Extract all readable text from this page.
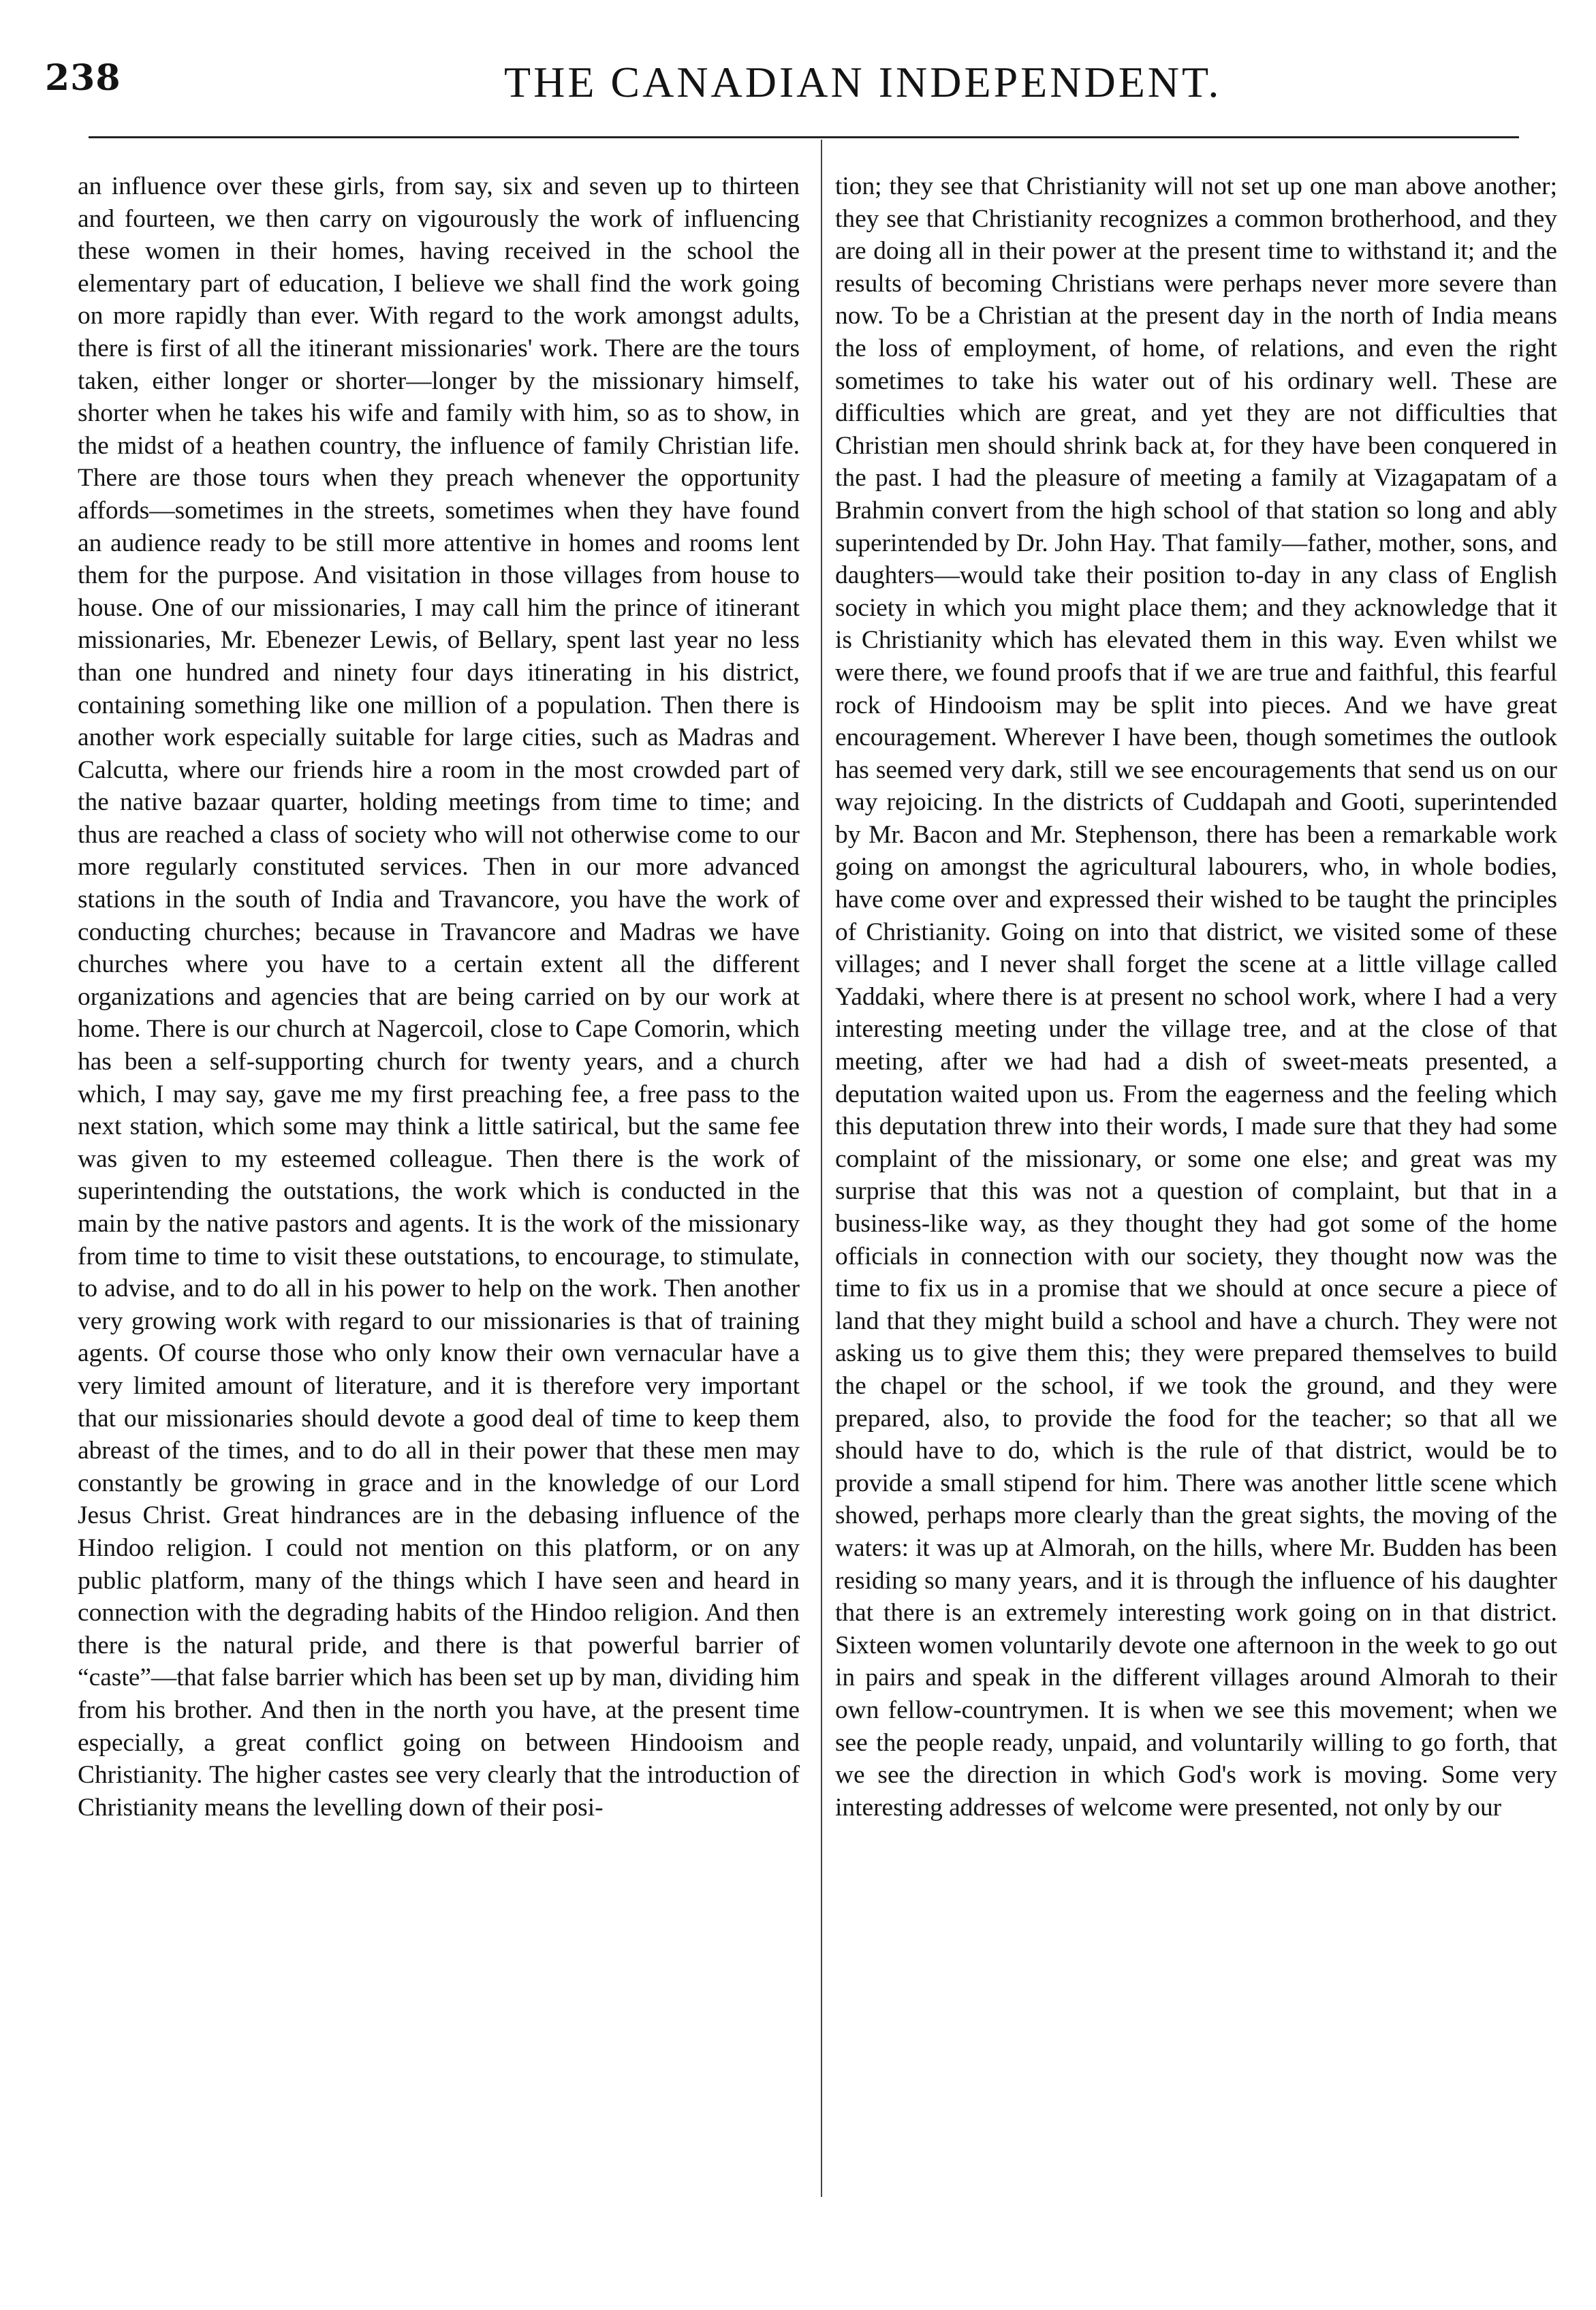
238	THE CANADIAN INDEPENDENT.
an influence over these girls, from say, six and seven up to thirteen and fourteen, we then carry on vigourously the work of influencing these women in their homes, having received in the school the elementary part of education, I believe we shall find the work going on more rapidly than ever. With regard to the work amongst adults, there is first of all the itinerant missionaries' work. There are the tours taken, either longer or shorter—longer by the missionary himself, shorter when he takes his wife and family with him, so as to show, in the midst of a heathen country, the influence of family Christian life. There are those tours when they preach whenever the opportunity affords—sometimes in the streets, sometimes when they have found an audience ready to be still more attentive in homes and rooms lent them for the purpose. And visitation in those villages from house to house. One of our missionaries, I may call him the prince of itinerant missionaries, Mr. Ebenezer Lewis, of Bellary, spent last year no less than one hundred and ninety four days itinerating in his district, containing something like one million of a population. Then there is another work especially suitable for large cities, such as Madras and Calcutta, where our friends hire a room in the most crowded part of the native bazaar quarter, holding meetings from time to time; and thus are reached a class of society who will not otherwise come to our more regularly constituted services. Then in our more advanced stations in the south of India and Travancore, you have the work of conducting churches; because in Travancore and Madras we have churches where you have to a certain extent all the different organizations and agencies that are being carried on by our work at home. There is our church at Nagercoil, close to Cape Comorin, which has been a self-supporting church for twenty years, and a church which, I may say, gave me my first preaching fee, a free pass to the next station, which some may think a little satirical, but the same fee was given to my esteemed colleague. Then there is the work of superintending the outstations, the work which is conducted in the main by the native pastors and agents. It is the work of the missionary from time to time to visit these outstations, to encourage, to stimulate, to advise, and to do all in his power to help on the work. Then another very growing work with regard to our missionaries is that of training agents. Of course those who only know their own vernacular have a very limited amount of literature, and it is therefore very important that our missionaries should devote a good deal of time to keep them abreast of the times, and to do all in their power that these men may constantly be growing in grace and in the knowledge of our Lord Jesus Christ. Great hindrances are in the debasing influence of the Hindoo religion. I could not mention on this platform, or on any public platform, many of the things which I have seen and heard in connection with the degrading habits of the Hindoo religion. And then there is the natural pride, and there is that powerful barrier of “caste”—that false barrier which has been set up by man, dividing him from his brother. And then in the north you have, at the present time especially, a great conflict going on between Hindooism and Christianity. The higher castes see very clearly that the introduction of Christianity means the levelling down of their posi-
tion; they see that Christianity will not set up one man above another; they see that Christianity recognizes a common brotherhood, and they are doing all in their power at the present time to withstand it; and the results of becoming Christians were perhaps never more severe than now. To be a Christian at the present day in the north of India means the loss of employment, of home, of relations, and even the right sometimes to take his water out of his ordinary well. These are difficulties which are great, and yet they are not difficulties that Christian men should shrink back at, for they have been conquered in the past. I had the pleasure of meeting a family at Vizagapatam of a Brahmin convert from the high school of that station so long and ably superintended by Dr. John Hay. That family—father, mother, sons, and daughters—would take their position to-day in any class of English society in which you might place them; and they acknowledge that it is Christianity which has elevated them in this way. Even whilst we were there, we found proofs that if we are true and faithful, this fearful rock of Hindooism may be split into pieces. And we have great encouragement. Wherever I have been, though sometimes the outlook has seemed very dark, still we see encouragements that send us on our way rejoicing. In the districts of Cuddapah and Gooti, superintended by Mr. Bacon and Mr. Stephenson, there has been a remarkable work going on amongst the agricultural labourers, who, in whole bodies, have come over and expressed their wished to be taught the principles of Christianity. Going on into that district, we visited some of these villages; and I never shall forget the scene at a little village called Yaddaki, where there is at present no school work, where I had a very interesting meeting under the village tree, and at the close of that meeting, after we had had a dish of sweet-meats presented, a deputation waited upon us. From the eagerness and the feeling which this deputation threw into their words, I made sure that they had some complaint of the missionary, or some one else; and great was my surprise that this was not a question of complaint, but that in a business-like way, as they thought they had got some of the home officials in connection with our society, they thought now was the time to fix us in a promise that we should at once secure a piece of land that they might build a school and have a church. They were not asking us to give them this; they were prepared themselves to build the chapel or the school, if we took the ground, and they were prepared, also, to provide the food for the teacher; so that all we should have to do, which is the rule of that district, would be to provide a small stipend for him. There was another little scene which showed, perhaps more clearly than the great sights, the moving of the waters: it was up at Almorah, on the hills, where Mr. Budden has been residing so many years, and it is through the influence of his daughter that there is an extremely interesting work going on in that district. Sixteen women voluntarily devote one afternoon in the week to go out in pairs and speak in the different villages around Almorah to their own fellow-countrymen. It is when we see this movement; when we see the people ready, unpaid, and voluntarily willing to go forth, that we see the direction in which God's work is moving. Some very interesting addresses of welcome were presented, not only by our
